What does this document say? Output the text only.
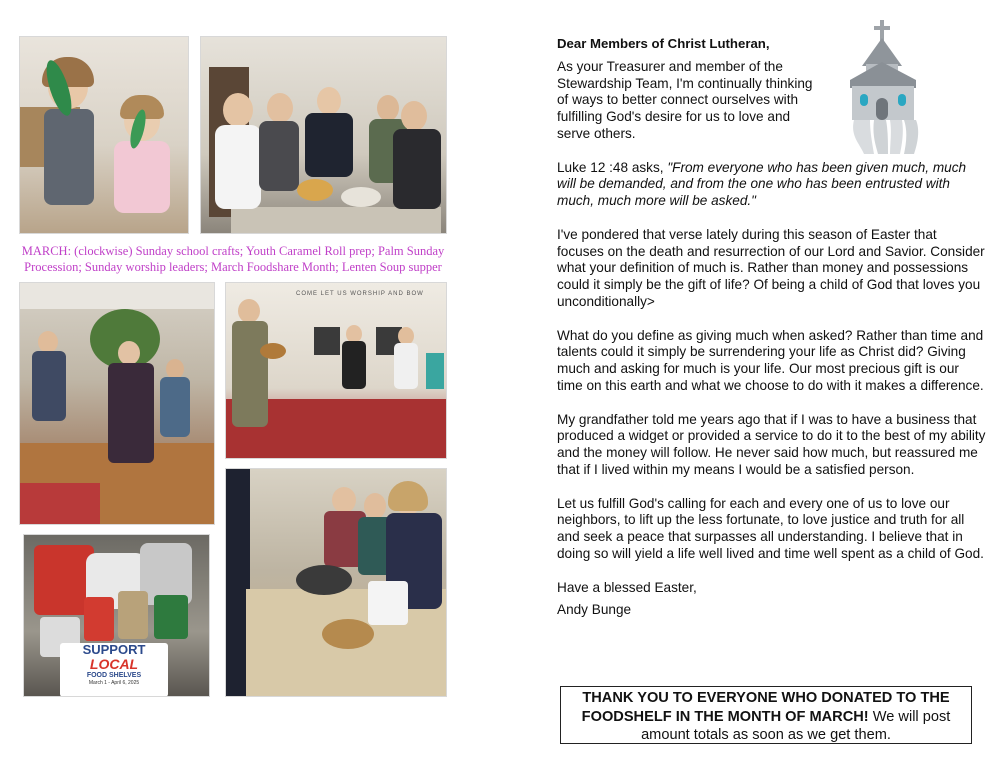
MARCH: (clockwise) Sunday school crafts; Youth Caramel Roll prep; Palm Sunday Procession; Sunday worship leaders; March Foodshare Month; Lenten Soup supper
COME LET US WORSHIP AND BOW
SUPPORT
LOCAL
FOOD SHELVES
March 1 - April 6, 2025

Dear Members of Christ Lutheran,

As your Treasurer and member of the Stewardship Team, I'm continually thinking of ways to better connect ourselves with fulfilling God's desire for us to love and serve others.

Luke 12 :48 asks, "From everyone who has been given much, much will be demanded, and from the one who has been entrusted with much, much more will be asked."

I've pondered that verse lately during this season of Easter that focuses on the death and resurrection of our Lord and Savior. Consider what your definition of much is. Rather than money and possessions could it simply be the gift of life? Of being a child of God that loves you unconditionally>

What do you define as giving much when asked? Rather than time and talents could it simply be surrendering your life as Christ did? Giving much and asking for much is your life. Our most precious gift is our time on this earth and what we choose to do with it makes a difference.

My grandfather told me years ago that if I was to have a business that produced a widget or provided a service to do it to the best of my ability and the money will follow. He never said how much, but reassured me that if I lived within my means I would be a satisfied person.

Let us fulfill God's calling for each and every one of us to love our neighbors, to lift up the less fortunate, to love justice and truth for all and seek a peace that surpasses all understanding. I believe that in doing so will yield a life well lived and time well spent as a child of God.

Have a blessed Easter,

Andy Bunge

THANK YOU TO EVERYONE WHO DONATED TO THE FOODSHELF IN THE MONTH OF MARCH! We will post amount totals as soon as we get them.
